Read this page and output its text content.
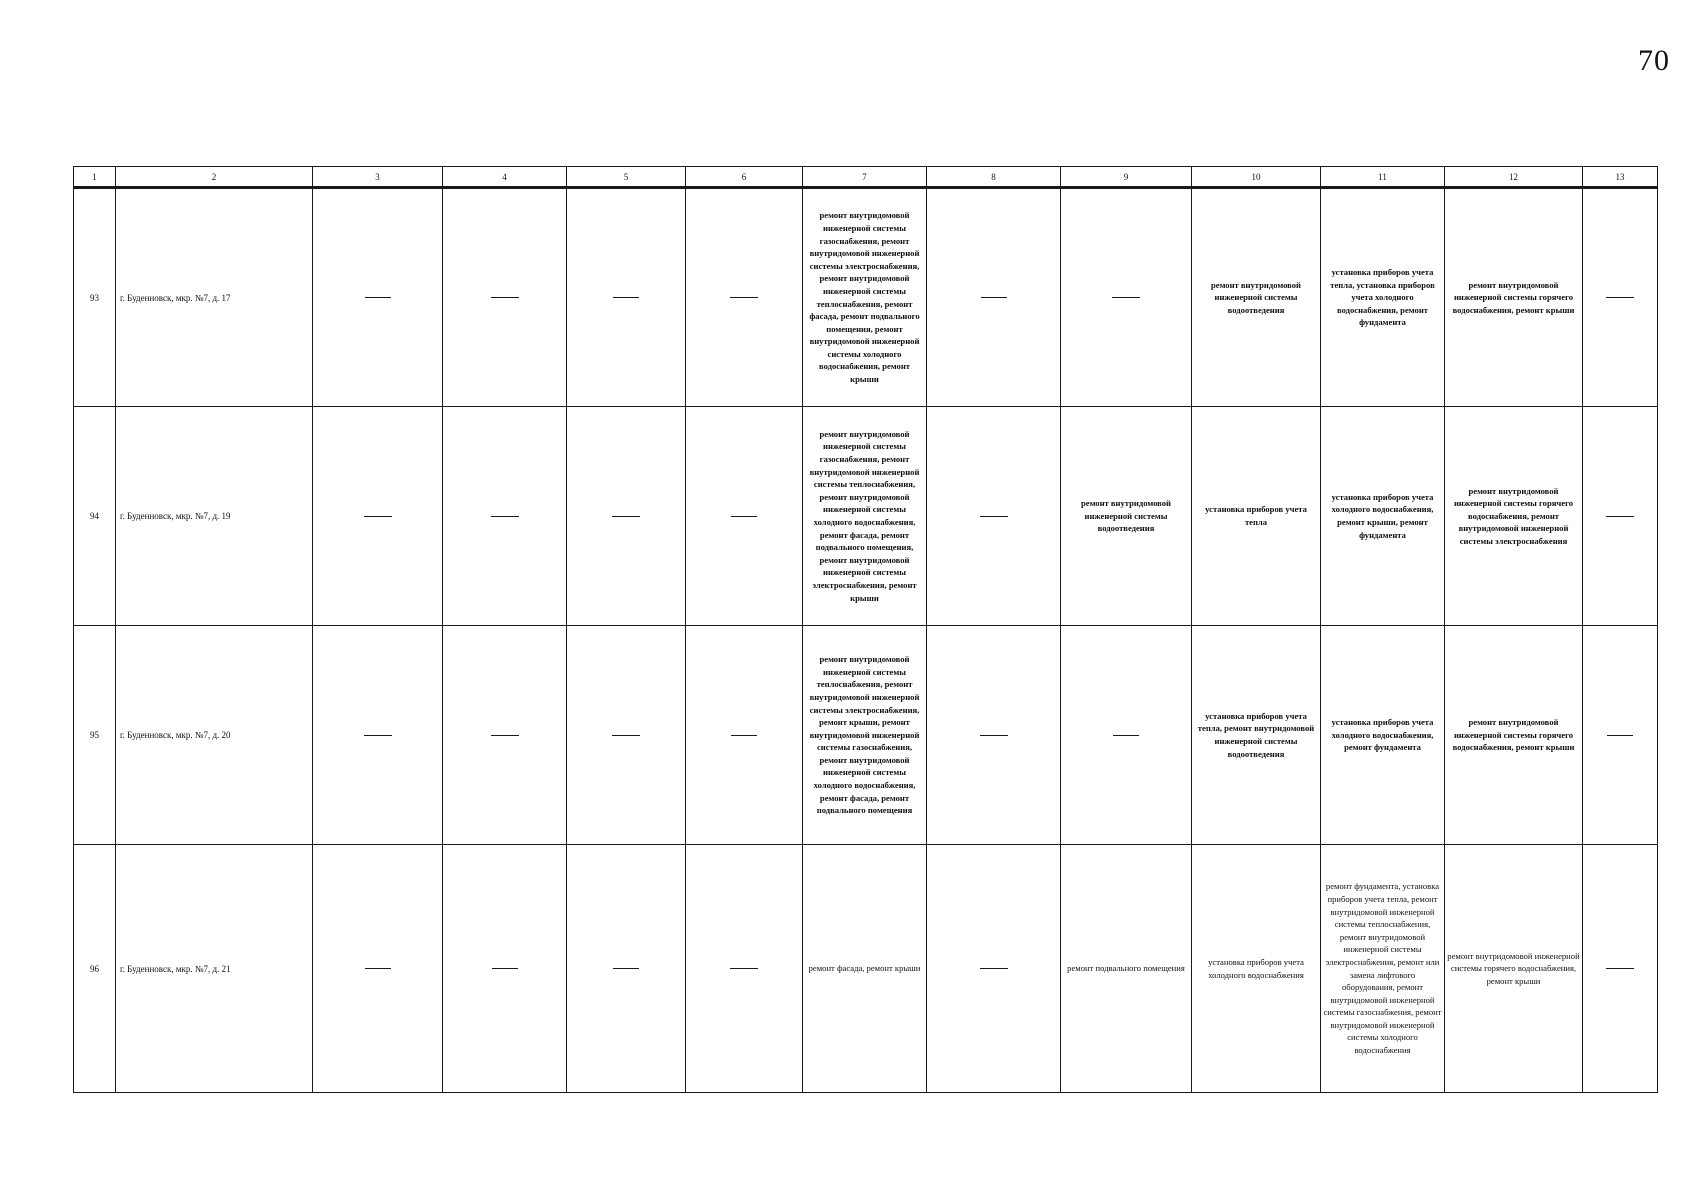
70
1	2	3	4	5	6	7	8	9	10	11	12	13
93	г. Буденновск, мкр. №7, д. 17					ремонт внутридомовой инженерной системы газоснабжения, ремонт внутридомовой инженерной системы электроснабжения, ремонт внутридомовой инженерной системы теплоснабжения, ремонт фасада, ремонт подвального помещения, ремонт внутридомовой инженерной системы холодного водоснабжения, ремонт крыши			ремонт внутридомовой инженерной системы водоотведения	установка приборов учета тепла, установка приборов учета холодного водоснабжения, ремонт фундамента	ремонт внутридомовой инженерной системы горячего водоснабжения, ремонт крыши	
94	г. Буденновск, мкр. №7, д. 19					ремонт внутридомовой инженерной системы газоснабжения, ремонт внутридомовой инженерной системы теплоснабжения, ремонт внутридомовой инженерной системы холодного водоснабжения, ремонт фасада, ремонт подвального помещения, ремонт внутридомовой инженерной системы электроснабжения, ремонт крыши		ремонт внутридомовой инженерной системы водоотведения	установка приборов учета тепла	установка приборов учета холодного водоснабжения, ремонт крыши, ремонт фундамента	ремонт внутридомовой инженерной системы горячего водоснабжения, ремонт внутридомовой инженерной системы электроснабжения	
95	г. Буденновск, мкр. №7, д. 20					ремонт внутридомовой инженерной системы теплоснабжения, ремонт внутридомовой инженерной системы электроснабжения, ремонт крыши, ремонт внутридомовой инженерной системы газоснабжения, ремонт внутридомовой инженерной системы холодного водоснабжения, ремонт фасада, ремонт подвального помещения			установка приборов учета тепла, ремонт внутридомовой инженерной системы водоотведения	установка приборов учета холодного водоснабжения, ремонт фундамента	ремонт внутридомовой инженерной системы горячего водоснабжения, ремонт крыши	
96	г. Буденновск, мкр. №7, д. 21					ремонт фасада, ремонт крыши		ремонт подвального помещения	установка приборов учета холодного водоснабжения	ремонт фундамента, установка приборов учета тепла, ремонт внутридомовой инженерной системы теплоснабжения, ремонт внутридомовой инженерной системы электроснабжения, ремонт или замена лифтового оборудования, ремонт внутридомовой инженерной системы газоснабжения, ремонт внутридомовой инженерной системы холодного водоснабжения	ремонт внутридомовой инженерной системы горячего водоснабжения, ремонт крыши	
